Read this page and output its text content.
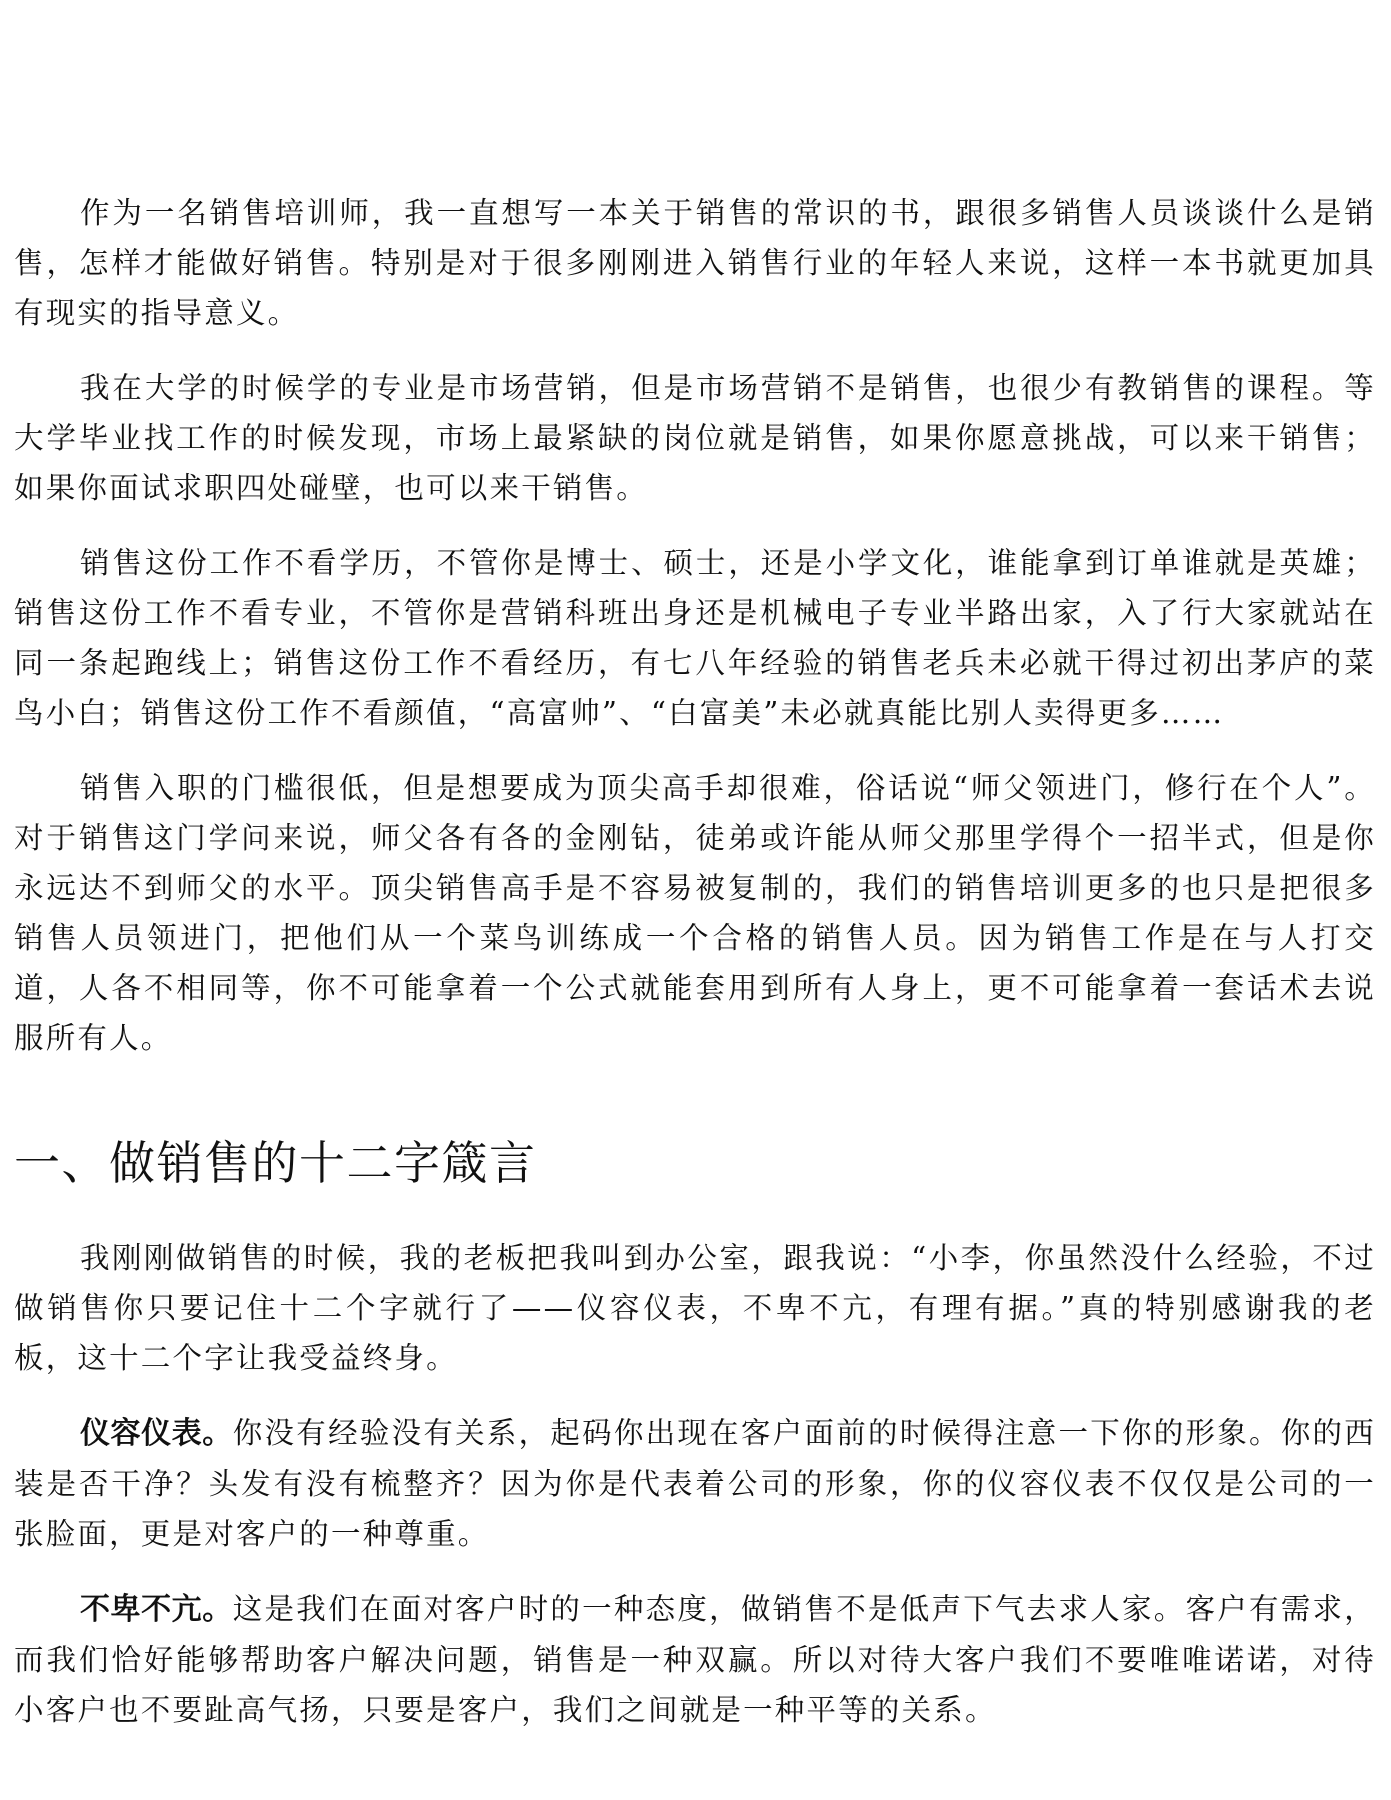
作为一名销售培训师，我一直想写一本关于销售的常识的书，跟很多销售人员谈谈什么是销售，怎样才能做好销售。特别是对于很多刚刚进入销售行业的年轻人来说，这样一本书就更加具有现实的指导意义。

我在大学的时候学的专业是市场营销，但是市场营销不是销售，也很少有教销售的课程。等大学毕业找工作的时候发现，市场上最紧缺的岗位就是销售，如果你愿意挑战，可以来干销售；如果你面试求职四处碰壁，也可以来干销售。

销售这份工作不看学历，不管你是博士、硕士，还是小学文化，谁能拿到订单谁就是英雄；销售这份工作不看专业，不管你是营销科班出身还是机械电子专业半路出家，入了行大家就站在同一条起跑线上；销售这份工作不看经历，有七八年经验的销售老兵未必就干得过初出茅庐的菜鸟小白；销售这份工作不看颜值，“高富帅”、“白富美”未必就真能比别人卖得更多……

销售入职的门槛很低，但是想要成为顶尖高手却很难，俗话说“师父领进门，修行在个人”。对于销售这门学问来说，师父各有各的金刚钻，徒弟或许能从师父那里学得个一招半式，但是你永远达不到师父的水平。顶尖销售高手是不容易被复制的，我们的销售培训更多的也只是把很多销售人员领进门，把他们从一个菜鸟训练成一个合格的销售人员。因为销售工作是在与人打交道，人各不相同等，你不可能拿着一个公式就能套用到所有人身上，更不可能拿着一套话术去说服所有人。

一、做销售的十二字箴言

我刚刚做销售的时候，我的老板把我叫到办公室，跟我说：“小李，你虽然没什么经验，不过做销售你只要记住十二个字就行了——仪容仪表，不卑不亢，有理有据。”真的特别感谢我的老板，这十二个字让我受益终身。

仪容仪表。你没有经验没有关系，起码你出现在客户面前的时候得注意一下你的形象。你的西装是否干净？头发有没有梳整齐？因为你是代表着公司的形象，你的仪容仪表不仅仅是公司的一张脸面，更是对客户的一种尊重。

不卑不亢。这是我们在面对客户时的一种态度，做销售不是低声下气去求人家。客户有需求，而我们恰好能够帮助客户解决问题，销售是一种双赢。所以对待大客户我们不要唯唯诺诺，对待小客户也不要趾高气扬，只要是客户，我们之间就是一种平等的关系。
